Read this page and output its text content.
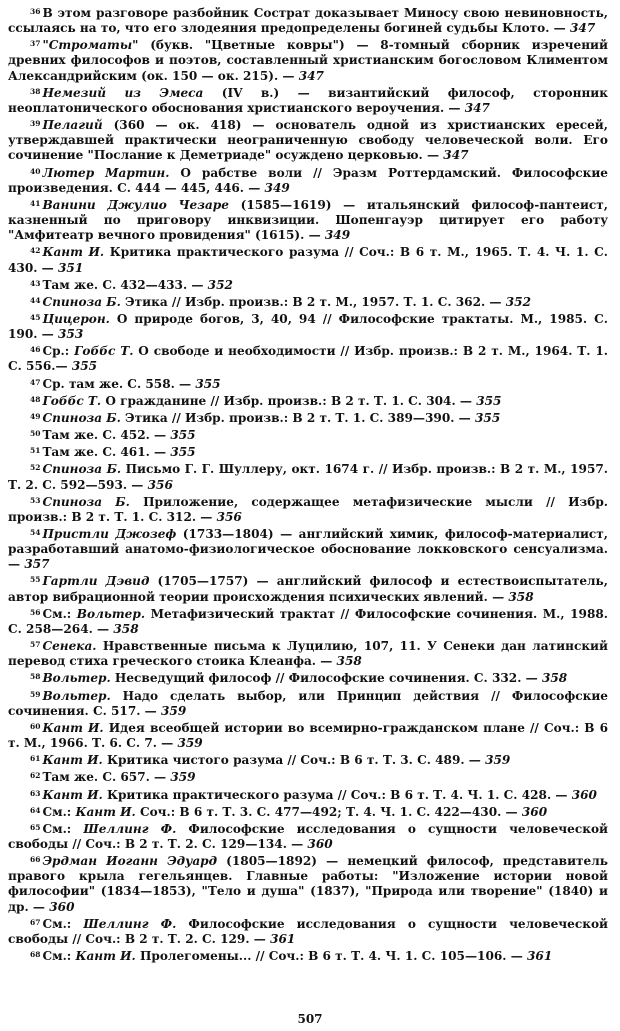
$^{36}$ В этом разговоре разбойник Сострат доказывает Миносу свою невиновность, ссылаясь на то, что его злодеяния предопределены богиней судьбы Клото. — 347

$^{37}$ "Строматы" (букв. "Цветные ковры") — 8-томный сборник изречений древних философов и поэтов, составленный христианским богословом Климентом Александрийским (ок. 150 — ок. 215). — 347

$^{38}$ Немезий из Эмеса (IV в.) — византийский философ, сторонник неоплатонического обоснования христианского вероучения. — 347

$^{39}$ Пелагий (360 — ок. 418) — основатель одной из христианских ересей, утверждавшей практически неограниченную свободу человеческой воли. Его сочинение "Послание к Деметриаде" осуждено церковью. — 347

$^{40}$ Лютер Мартин. О рабстве воли // Эразм Роттердамский. Философские произведения. С. 444 — 445, 446. — 349

$^{41}$ Ванини Джулио Чезаре (1585—1619) — итальянский философ-пантеист, казненный по приговору инквизиции. Шопенгауэр цитирует его работу "Амфитеатр вечного провидения" (1615). — 349

$^{42}$ Кант И. Критика практического разума // Соч.: В 6 т. М., 1965. Т. 4. Ч. 1. С. 430. — 351

$^{43}$ Там же. С. 432—433. — 352

$^{44}$ Спиноза Б. Этика // Избр. произв.: В 2 т. М., 1957. Т. 1. С. 362. — 352

$^{45}$ Цицерон. О природе богов, 3, 40, 94 // Философские трактаты. М., 1985. С. 190. — 353

$^{46}$ Ср.: Гоббс Т. О свободе и необходимости // Избр. произв.: В 2 т. М., 1964. Т. 1. С. 556.— 355

$^{47}$ Ср. там же. С. 558. — 355

$^{48}$ Гоббс Т. О гражданине // Избр. произв.: В 2 т. Т. 1. С. 304. — 355

$^{49}$ Спиноза Б. Этика // Избр. произв.: В 2 т. Т. 1. С. 389—390. — 355

$^{50}$ Там же. С. 452. — 355

$^{51}$ Там же. С. 461. — 355

$^{52}$ Спиноза Б. Письмо Г. Г. Шуллеру, окт. 1674 г. // Избр. произв.: В 2 т. М., 1957. Т. 2. С. 592—593. — 356

$^{53}$ Спиноза Б. Приложение, содержащее метафизические мысли // Избр. произв.: В 2 т. Т. 1. С. 312. — 356

$^{54}$ Пристли Джозеф (1733—1804) — английский химик, философ-материалист, разработавший анатомо-физиологическое обоснование локковского сенсуализма. — 357

$^{55}$ Гартли Дэвид (1705—1757) — английский философ и естествоиспытатель, автор вибрационной теории происхождения психических явлений. — 358

$^{56}$ См.: Вольтер. Метафизический трактат // Философские сочинения. М., 1988. С. 258—264. — 358

$^{57}$ Сенека. Нравственные письма к Луцилию, 107, 11. У Сенеки дан латинский перевод стиха греческого стоика Клеанфа. — 358

$^{58}$ Вольтер. Несведущий философ // Философские сочинения. С. 332. — 358

$^{59}$ Вольтер. Надо сделать выбор, или Принцип действия // Философские сочинения. С. 517. — 359

$^{60}$ Кант И. Идея всеобщей истории во всемирно-гражданском плане // Соч.: В 6 т. М., 1966. Т. 6. С. 7. — 359

$^{61}$ Кант И. Критика чистого разума // Соч.: В 6 т. Т. 3. С. 489. — 359

$^{62}$ Там же. С. 657. — 359

$^{63}$ Кант И. Критика практического разума // Соч.: В 6 т. Т. 4. Ч. 1. С. 428. — 360

$^{64}$ См.: Кант И. Соч.: В 6 т. Т. 3. С. 477—492; Т. 4. Ч. 1. С. 422—430. — 360

$^{65}$ См.: Шеллинг Ф. Философские исследования о сущности человеческой свободы // Соч.: В 2 т. Т. 2. С. 129—134. — 360

$^{66}$ Эрдман Иоганн Эдуард (1805—1892) — немецкий философ, представитель правого крыла гегельянцев. Главные работы: "Изложение истории новой философии" (1834—1853), "Тело и душа" (1837), "Природа или творение" (1840) и др. — 360

$^{67}$ См.: Шеллинг Ф. Философские исследования о сущности человеческой свободы // Соч.: В 2 т. Т. 2. С. 129. — 361

$^{68}$ См.: Кант И. Пролегомены... // Соч.: В 6 т. Т. 4. Ч. 1. С. 105—106. — 361

507
